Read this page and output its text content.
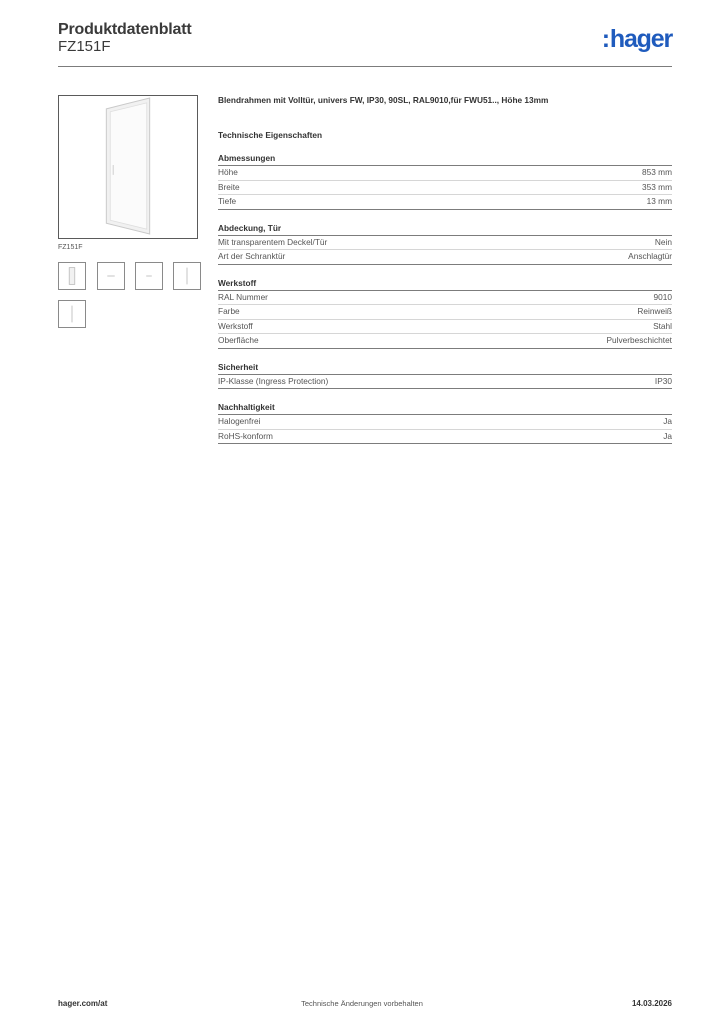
Produktdatenblatt
FZ151F	:hager
FZ151F
Blendrahmen mit Volltür, univers FW, IP30, 90SL, RAL9010,für FWU51.., Höhe 13mm
Technische Eigenschaften
Abmessungen
Höhe	853 mm
Breite	353 mm
Tiefe	13 mm
Abdeckung, Tür
Mit transparentem Deckel/Tür	Nein
Art der Schranktür	Anschlagtür
Werkstoff
RAL Nummer	9010
Farbe	Reinweiß
Werkstoff	Stahl
Oberfläche	Pulverbeschichtet
Sicherheit
IP-Klasse (Ingress Protection)	IP30
Nachhaltigkeit
Halogenfrei	Ja
RoHS-konform	Ja
hager.com/at	Technische Änderungen vorbehalten	14.03.2026
